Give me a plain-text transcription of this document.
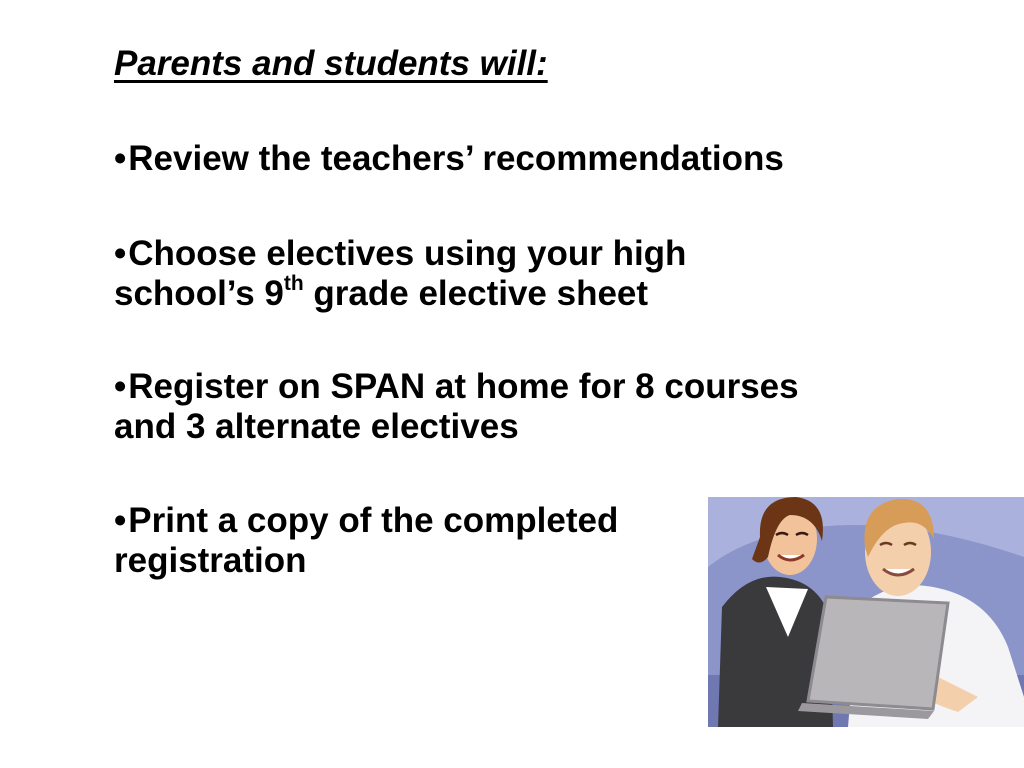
Parents and students will:
•Review the teachers’ recommendations
•Choose electives using your high school’s 9th grade elective sheet
•Register on SPAN at home for 8 courses and 3 alternate electives
•Print a copy of the completed registration
